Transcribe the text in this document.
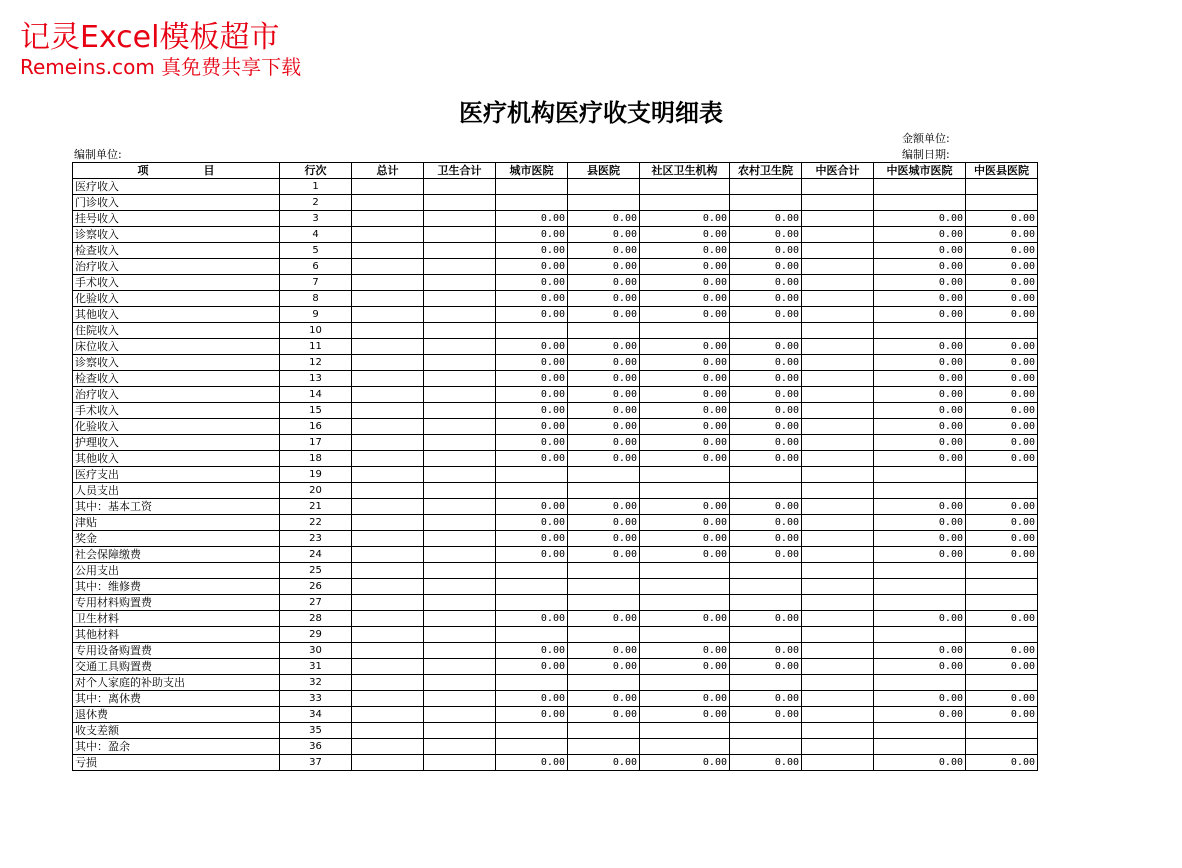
记灵Excel模板超市
Remeins.com 真免费共享下载
医疗机构医疗收支明细表
金额单位:
编制日期:
编制单位:
项　　　　　目	行次	总计	卫生合计	城市医院	县医院	社区卫生机构	农村卫生院	中医合计	中医城市医院	中医县医院
医疗收入	1									
门诊收入	2									
挂号收入	3			0.00	0.00	0.00	0.00		0.00	0.00
诊察收入	4			0.00	0.00	0.00	0.00		0.00	0.00
检查收入	5			0.00	0.00	0.00	0.00		0.00	0.00
治疗收入	6			0.00	0.00	0.00	0.00		0.00	0.00
手术收入	7			0.00	0.00	0.00	0.00		0.00	0.00
化验收入	8			0.00	0.00	0.00	0.00		0.00	0.00
其他收入	9			0.00	0.00	0.00	0.00		0.00	0.00
住院收入	10									
床位收入	11			0.00	0.00	0.00	0.00		0.00	0.00
诊察收入	12			0.00	0.00	0.00	0.00		0.00	0.00
检查收入	13			0.00	0.00	0.00	0.00		0.00	0.00
治疗收入	14			0.00	0.00	0.00	0.00		0.00	0.00
手术收入	15			0.00	0.00	0.00	0.00		0.00	0.00
化验收入	16			0.00	0.00	0.00	0.00		0.00	0.00
护理收入	17			0.00	0.00	0.00	0.00		0.00	0.00
其他收入	18			0.00	0.00	0.00	0.00		0.00	0.00
医疗支出	19									
人员支出	20									
其中：基本工资	21			0.00	0.00	0.00	0.00		0.00	0.00
津贴	22			0.00	0.00	0.00	0.00		0.00	0.00
奖金	23			0.00	0.00	0.00	0.00		0.00	0.00
社会保障缴费	24			0.00	0.00	0.00	0.00		0.00	0.00
公用支出	25									
其中：维修费	26									
专用材料购置费	27									
卫生材料	28			0.00	0.00	0.00	0.00		0.00	0.00
其他材料	29									
专用设备购置费	30			0.00	0.00	0.00	0.00		0.00	0.00
交通工具购置费	31			0.00	0.00	0.00	0.00		0.00	0.00
对个人家庭的补助支出	32									
其中：离休费	33			0.00	0.00	0.00	0.00		0.00	0.00
退休费	34			0.00	0.00	0.00	0.00		0.00	0.00
收支差额	35									
其中：盈余	36									
亏损	37			0.00	0.00	0.00	0.00		0.00	0.00
